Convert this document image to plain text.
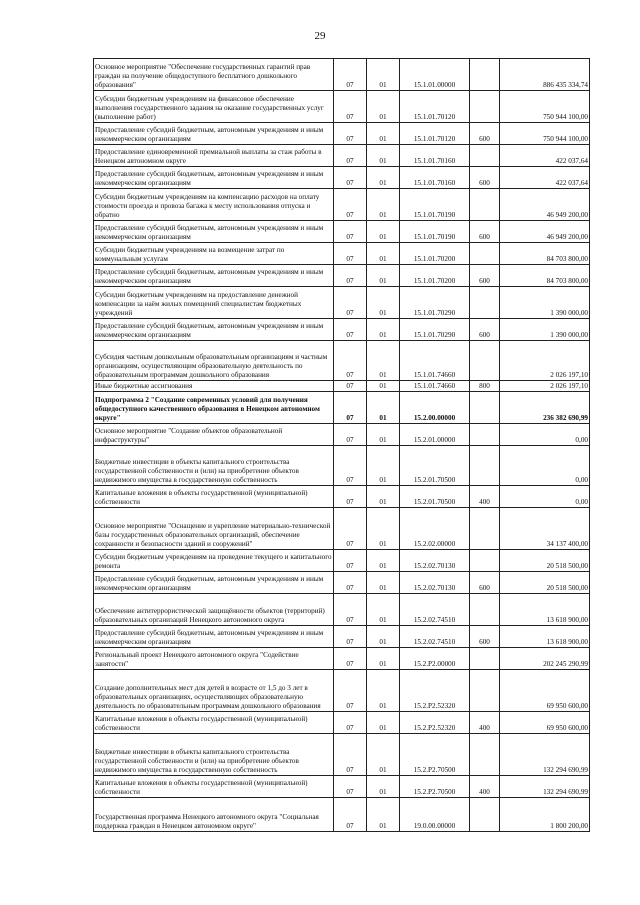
29
Основное мероприятие "Обеспечение государственных гарантий прав граждан на получение общедоступного бесплатного дошкольного образования"	07	01	15.1.01.00000		886 435 334,74
Субсидии бюджетным учреждениям на финансовое обеспечение выполнения государственного задания на оказание государственных услуг (выполнение работ)	07	01	15.1.01.70120		750 944 100,00
Предоставление субсидий бюджетным, автономным учреждениям и иным некоммерческим организациям	07	01	15.1.01.70120	600	750 944 100,00
Предоставление единовременной премиальной выплаты за стаж работы в Ненецком автономном округе	07	01	15.1.01.70160		422 037,64
Предоставление субсидий бюджетным, автономным учреждениям и иным некоммерческим организациям	07	01	15.1.01.70160	600	422 037,64
Субсидии бюджетным учреждениям на компенсацию расходов на оплату стоимости проезда и провоза багажа к месту использования отпуска и обратно	07	01	15.1.01.70190		46 949 200,00
Предоставление субсидий бюджетным, автономным учреждениям и иным некоммерческим организациям	07	01	15.1.01.70190	600	46 949 200,00
Субсидии бюджетным учреждениям на возмещение затрат по коммунальным услугам	07	01	15.1.01.70200		84 703 800,00
Предоставление субсидий бюджетным, автономным учреждениям и иным некоммерческим организациям	07	01	15.1.01.70200	600	84 703 800,00
Субсидии бюджетным учреждениям на предоставление денежной компенсации за наём жилых помещений специалистам бюджетных учреждений	07	01	15.1.01.70290		1 390 000,00
Предоставление субсидий бюджетным, автономным учреждениям и иным некоммерческим организациям	07	01	15.1.01.70290	600	1 390 000,00
Субсидия частным дошкольным образовательным организациям и частным организациям, осуществляющим образовательную деятельность по образовательным программам дошкольного образования	07	01	15.1.01.74660		2 026 197,10
Иные бюджетные ассигнования	07	01	15.1.01.74660	800	2 026 197,10
Подпрограмма 2 "Создание современных условий для получения общедоступного качественного образования в Ненецком автономном округе"	07	01	15.2.00.00000		236 382 690,99
Основное мероприятие "Создание объектов образовательной инфраструктуры"	07	01	15.2.01.00000		0,00
Бюджетные инвестиции в объекты капитального строительства государственной собственности и (или) на приобретение объектов недвижимого имущества в государственную собственность	07	01	15.2.01.70500		0,00
Капитальные вложения в объекты государственной (муниципальной) собственности	07	01	15.2.01.70500	400	0,00
Основное мероприятие "Оснащение и укрепление материально-технической базы государственных образовательных организаций, обеспечение сохранности и безопасности зданий и сооружений"	07	01	15.2.02.00000		34 137 400,00
Субсидии бюджетным учреждениям на проведение текущего и капитального ремонта	07	01	15.2.02.70130		20 518 500,00
Предоставление субсидий бюджетным, автономным учреждениям и иным некоммерческим организациям	07	01	15.2.02.70130	600	20 518 500,00
Обеспечение антитеррористической защищённости объектов (территорий) образовательных организаций Ненецкого автономного округа	07	01	15.2.02.74510		13 618 900,00
Предоставление субсидий бюджетным, автономным учреждениям и иным некоммерческим организациям	07	01	15.2.02.74510	600	13 618 900,00
Региональный проект Ненецкого автономного округа "Содействие занятости"	07	01	15.2.P2.00000		202 245 290,99
Создание дополнительных мест для детей в возрасте от 1,5 до 3 лет в образовательных организациях, осуществляющих образовательную деятельность по образовательным программам дошкольного образования	07	01	15.2.P2.52320		69 950 600,00
Капитальные вложения в объекты государственной (муниципальной) собственности	07	01	15.2.P2.52320	400	69 950 600,00
Бюджетные инвестиции в объекты капитального строительства государственной собственности и (или) на приобретение объектов недвижимого имущества в государственную собственность	07	01	15.2.P2.70500		132 294 690,99
Капитальные вложения в объекты государственной (муниципальной) собственности	07	01	15.2.P2.70500	400	132 294 690,99
Государственная программа Ненецкого автономного округа "Социальная поддержка граждан в Ненецком автономном округе"	07	01	19.0.00.00000		1 800 200,00
